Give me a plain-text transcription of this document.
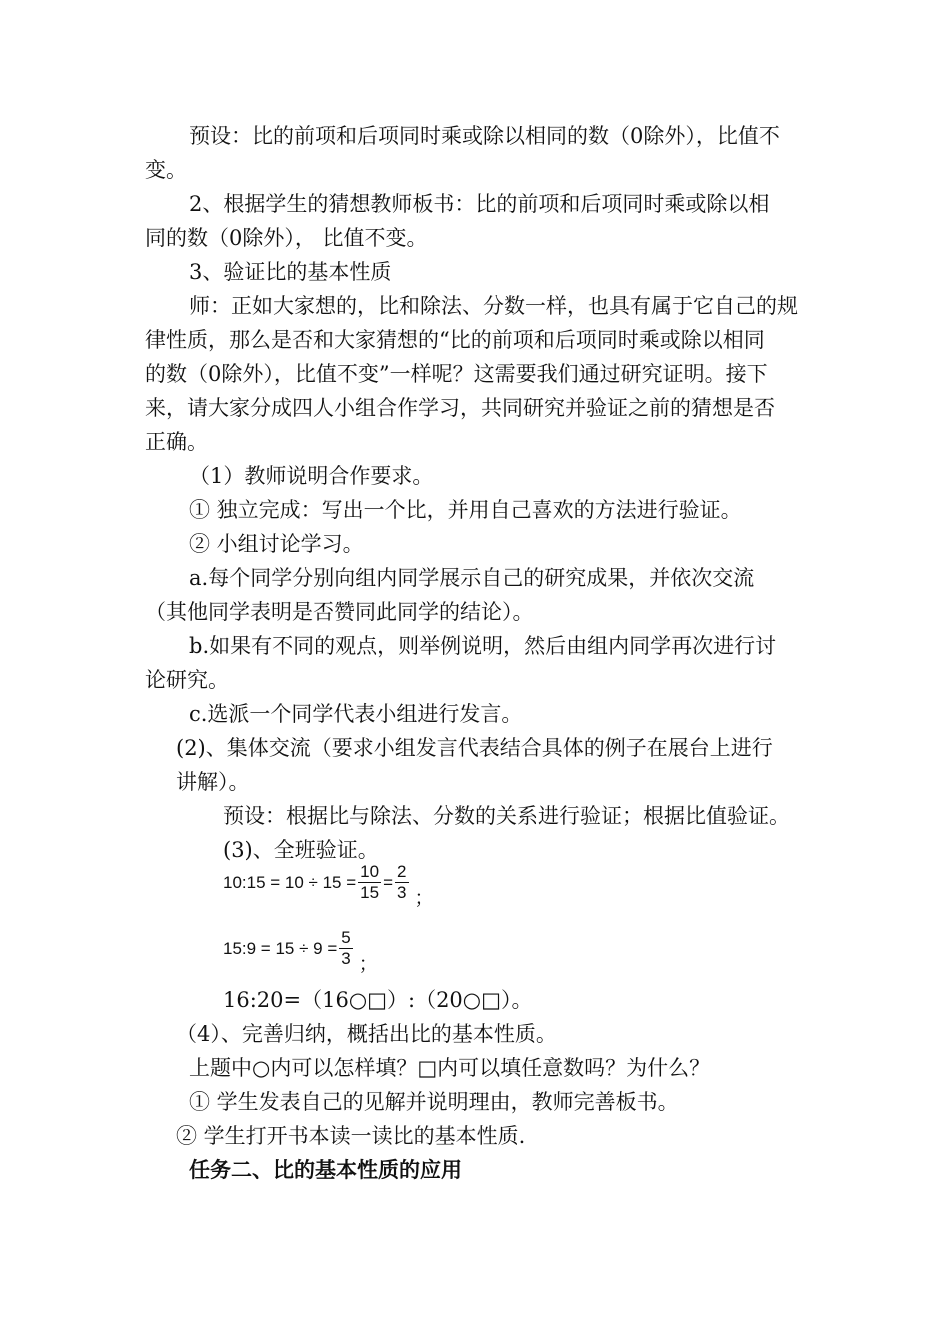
预设：比的前项和后项同时乘或除以相同的数（0除外），比值不
变。
2、根据学生的猜想教师板书：比的前项和后项同时乘或除以相
同的数（0除外）， 比值不变。
3、验证比的基本性质
师：正如大家想的，比和除法、分数一样，也具有属于它自己的规
律性质，那么是否和大家猜想的“比的前项和后项同时乘或除以相同
的数（0除外），比值不变”一样呢？这需要我们通过研究证明。接下
来，请大家分成四人小组合作学习，共同研究并验证之前的猜想是否
正确。
（1）教师说明合作要求。
① 独立完成：写出一个比，并用自己喜欢的方法进行验证。
② 小组讨论学习。
a.每个同学分别向组内同学展示自己的研究成果，并依次交流
（其他同学表明是否赞同此同学的结论）。
b.如果有不同的观点，则举例说明，然后由组内同学再次进行讨
论研究。
c.选派一个同学代表小组进行发言。
(2)、集体交流（要求小组发言代表结合具体的例子在展台上进行
讲解）。
预设：根据比与除法、分数的关系进行验证；根据比值验证。
(3)、全班验证。
10:15 = $10 \div 15 = \frac{10}{15} = \frac{2}{3}$ ；
15:9 = $15 \div 9 = \frac{5}{3}$ ；
16:20=（16○□）:（20○□）。
（4）、完善归纳，概括出比的基本性质。
上题中○内可以怎样填？□内可以填任意数吗？为什么？
① 学生发表自己的见解并说明理由，教师完善板书。
② 学生打开书本读一读比的基本性质.
任务二、比的基本性质的应用
